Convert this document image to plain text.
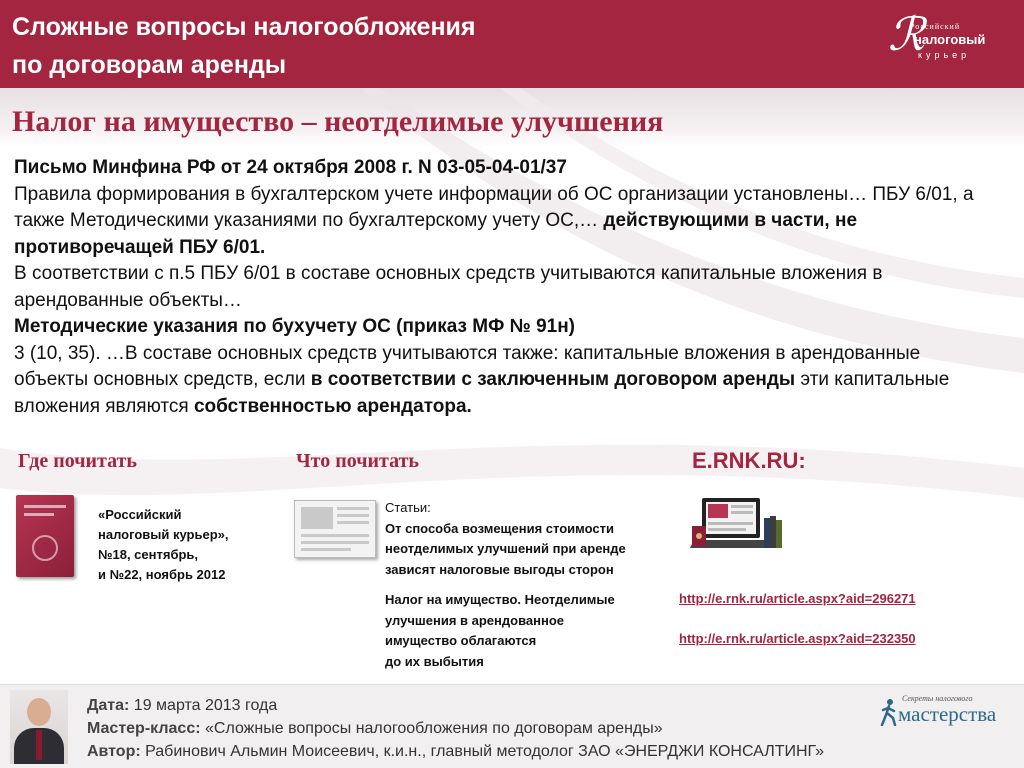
Сложные вопросы налогообложения
по договорам аренды
ℛ
Российский
налоговый
курьер
Налог на имущество – неотделимые улучшения

Письмо Минфина РФ от 24 октября 2008 г. N 03-05-04-01/37

Правила формирования в бухгалтерском учете информации об ОС организации установлены… ПБУ 6/01, а также Методическими указаниями по бухгалтерскому учету ОС,… действующими в части, не противоречащей ПБУ 6/01.

В соответствии с п.5 ПБУ 6/01 в составе основных средств учитываются капитальные вложения в арендованные объекты…

Методические указания по бухучету ОС (приказ МФ № 91н)

3 (10, 35). …В составе основных средств учитываются также: капитальные вложения в арендованные объекты основных средств, если в соответствии с заключенным договором аренды эти капитальные вложения являются собственностью арендатора.

Где почитать
«Российский
налоговый курьер»,
№18, сентябрь,
и №22, ноябрь 2012
Что почитать
Статьи:
От способа возмещения стоимости
неотделимых улучшений при аренде
зависят налоговые выгоды сторон
Налог на имущество. Неотделимые
улучшения в арендованное
имущество облагаются
до их выбытия
E.RNK.RU:
http://e.rnk.ru/article.aspx?aid=296271
http://e.rnk.ru/article.aspx?aid=232350
Дата: 19 марта 2013 года
Мастер-класс: «Сложные вопросы налогообложения по договорам аренды»
Автор: Рабинович Альмин Моисеевич, к.и.н., главный методолог ЗАО «ЭНЕРДЖИ КОНСАЛТИНГ»
Секреты налогового
мастерства
